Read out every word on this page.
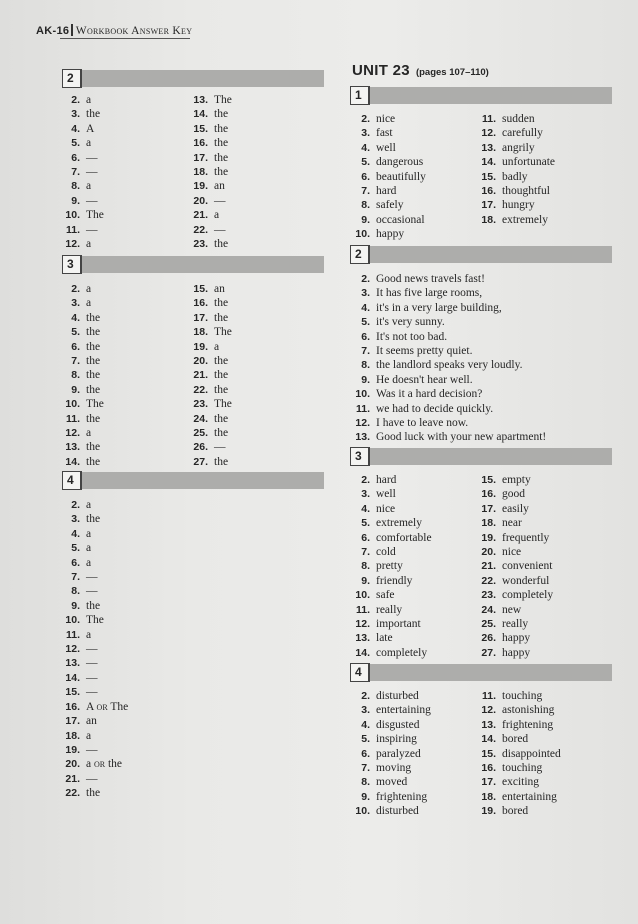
AK-16 Workbook Answer Key
2
2. a
3. the
4. A
5. a
6. —
7. —
8. a
9. —
10. The
11. —
12. a
13. The
14. the
15. the
16. the
17. the
18. the
19. an
20. —
21. a
22. —
23. the
3
2. a
3. a
4. the
5. the
6. the
7. the
8. the
9. the
10. The
11. the
12. a
13. the
14. the
15. an
16. the
17. the
18. The
19. a
20. the
21. the
22. the
23. The
24. the
25. the
26. —
27. the
4
2. a
3. the
4. a
5. a
6. a
7. —
8. —
9. the
10. The
11. a
12. —
13. —
14. —
15. —
16. A or The
17. an
18. a
19. —
20. a or the
21. —
22. the
UNIT 23 (pages 107–110)
1
2. nice
3. fast
4. well
5. dangerous
6. beautifully
7. hard
8. safely
9. occasional
10. happy
11. sudden
12. carefully
13. angrily
14. unfortunate
15. badly
16. thoughtful
17. hungry
18. extremely
2
2. Good news travels fast!
3. It has five large rooms,
4. it's in a very large building,
5. it's very sunny.
6. It's not too bad.
7. It seems pretty quiet.
8. the landlord speaks very loudly.
9. He doesn't hear well.
10. Was it a hard decision?
11. we had to decide quickly.
12. I have to leave now.
13. Good luck with your new apartment!
3
2. hard
3. well
4. nice
5. extremely
6. comfortable
7. cold
8. pretty
9. friendly
10. safe
11. really
12. important
13. late
14. completely
15. empty
16. good
17. easily
18. near
19. frequently
20. nice
21. convenient
22. wonderful
23. completely
24. new
25. really
26. happy
27. happy
4
2. disturbed
3. entertaining
4. disgusted
5. inspiring
6. paralyzed
7. moving
8. moved
9. frightening
10. disturbed
11. touching
12. astonishing
13. frightening
14. bored
15. disappointed
16. touching
17. exciting
18. entertaining
19. bored
